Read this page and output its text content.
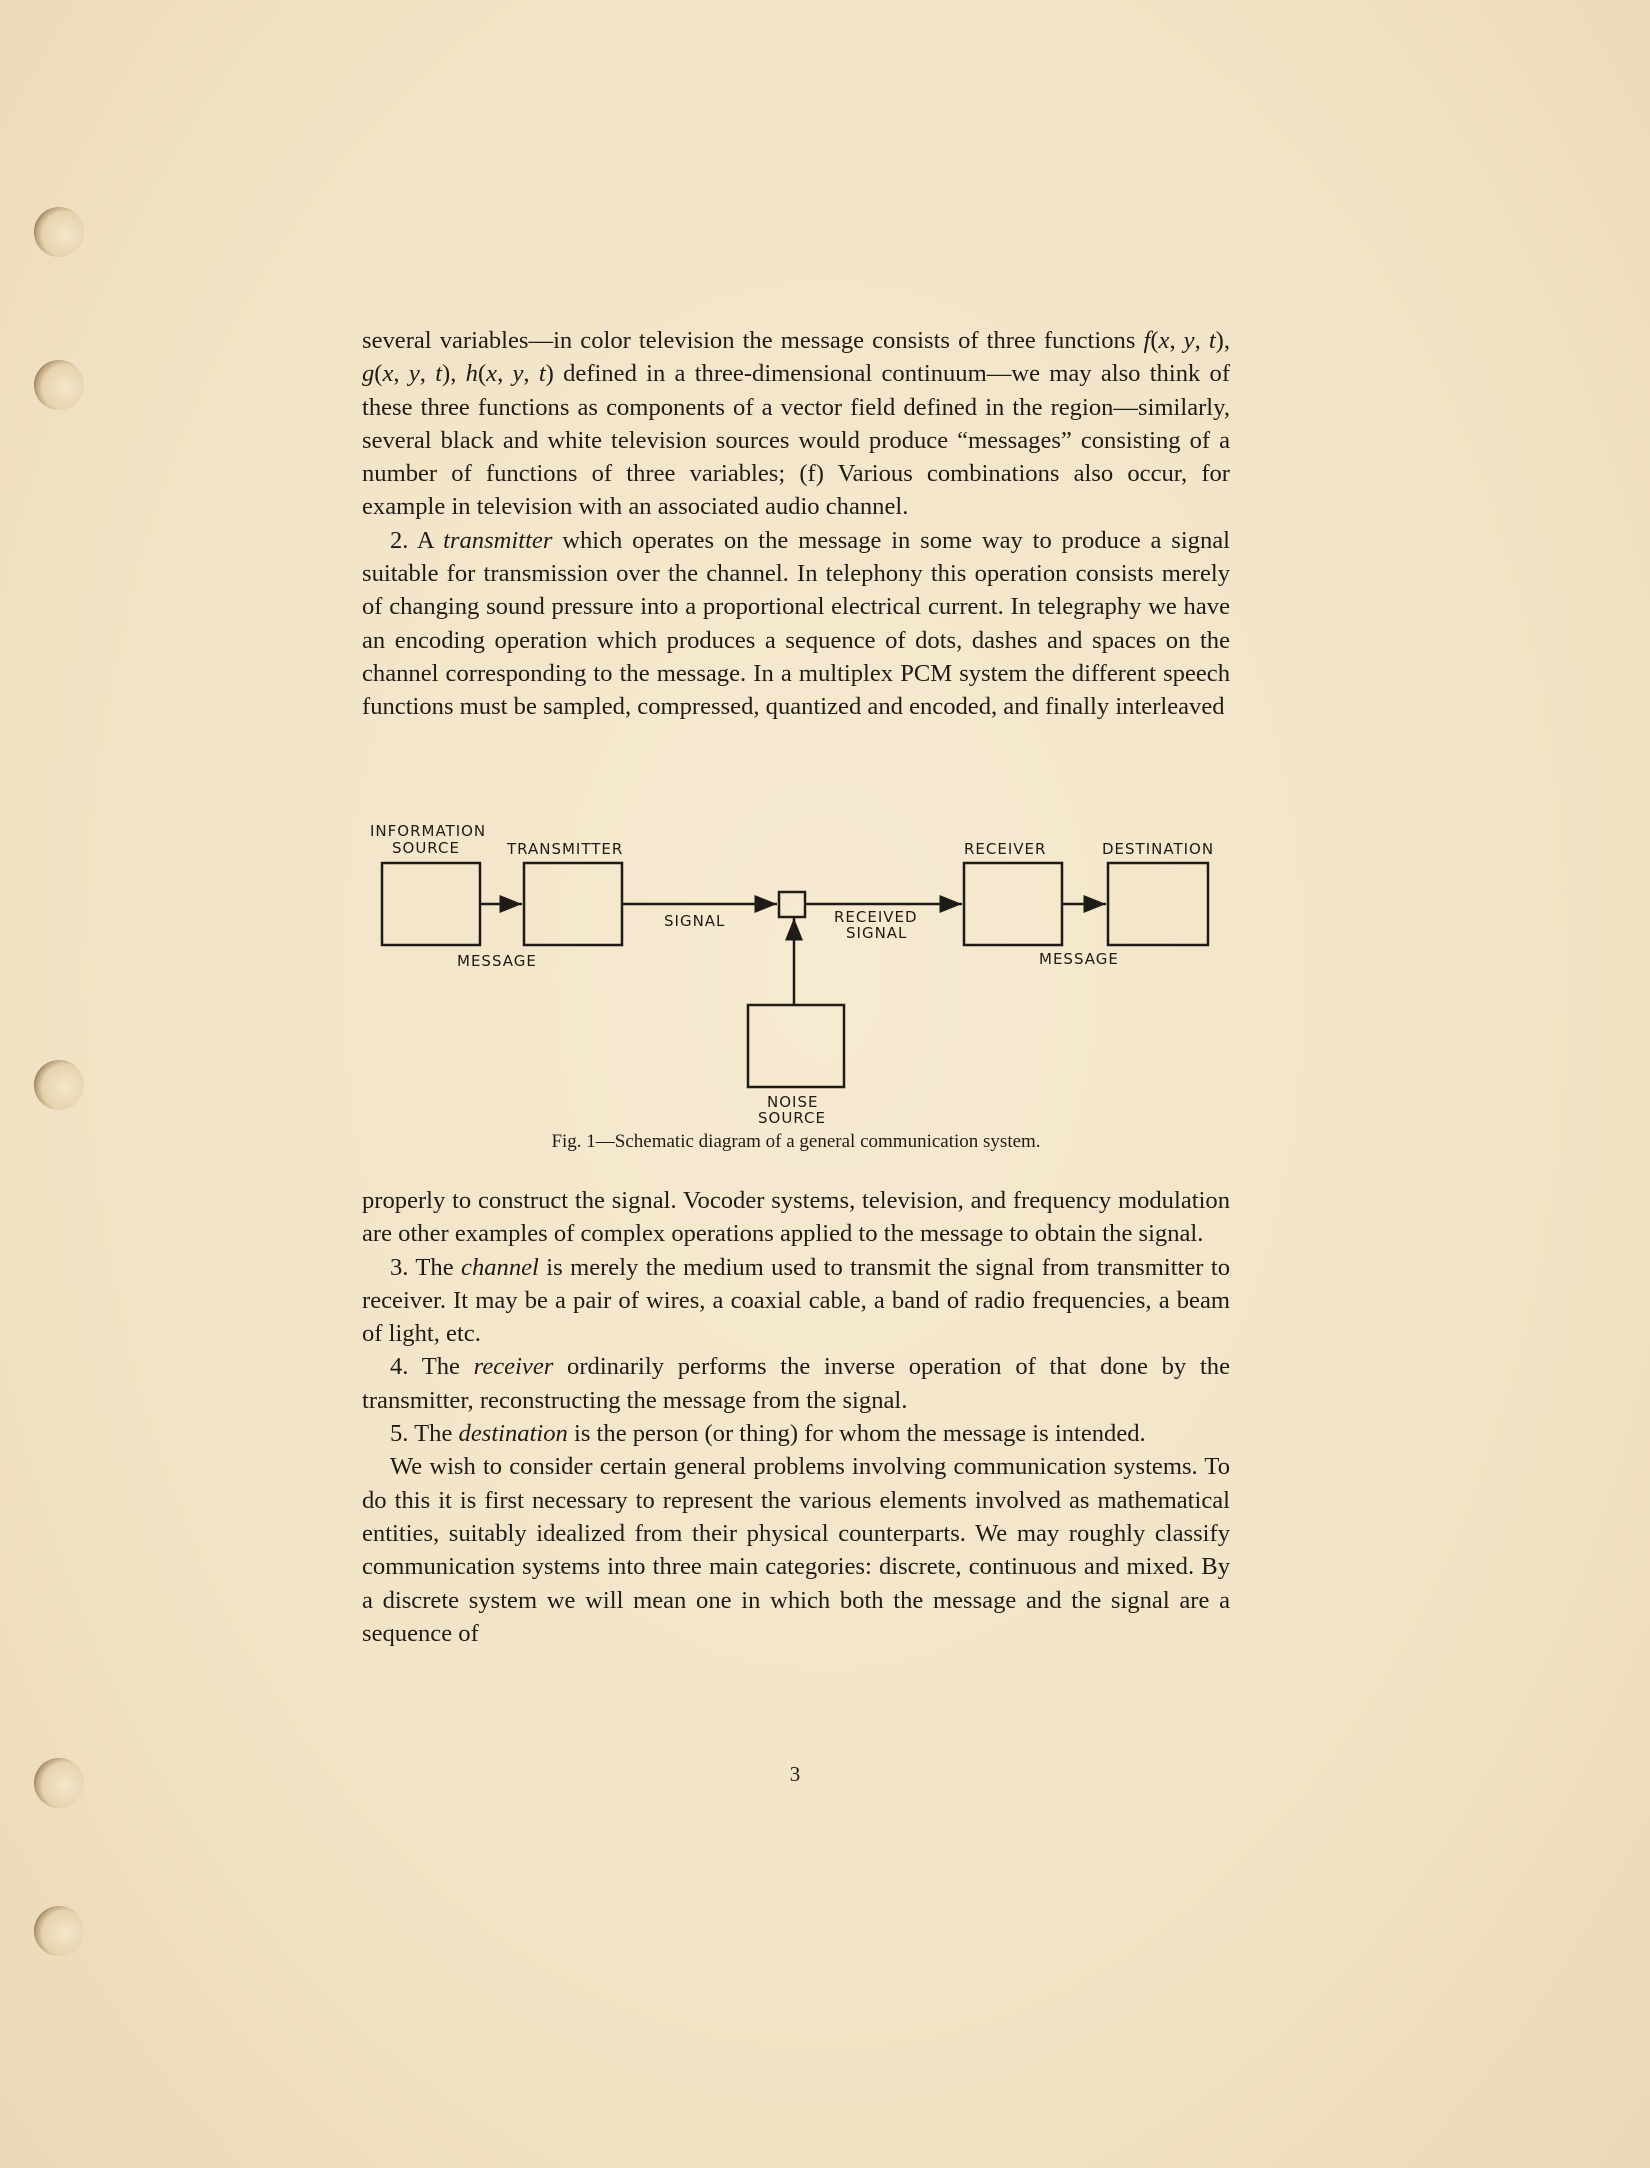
several variables—in color television the message consists of three functions f(x, y, t), g(x, y, t), h(x, y, t) defined in a three-dimensional continuum—we may also think of these three functions as components of a vector field defined in the region—similarly, several black and white television sources would produce “messages” consisting of a number of functions of three variables; (f) Various combinations also occur, for example in television with an associated audio channel.

2. A transmitter which operates on the message in some way to produce a signal suitable for transmission over the channel. In telephony this operation consists merely of changing sound pressure into a proportional electrical current. In telegraphy we have an encoding operation which produces a sequence of dots, dashes and spaces on the channel corresponding to the message. In a multiplex PCM system the different speech functions must be sampled, compressed, quantized and encoded, and finally interleaved

INFORMATION
SOURCE	TRANSMITTER
MESSAGE
SIGNAL	RECEIVED
SIGNAL
RECEIVER
MESSAGE
DESTINATION
NOISE
SOURCE

Fig. 1—Schematic diagram of a general communication system.

properly to construct the signal. Vocoder systems, television, and frequency modulation are other examples of complex operations applied to the message to obtain the signal.

3. The channel is merely the medium used to transmit the signal from transmitter to receiver. It may be a pair of wires, a coaxial cable, a band of radio frequencies, a beam of light, etc.

4. The receiver ordinarily performs the inverse operation of that done by the transmitter, reconstructing the message from the signal.

5. The destination is the person (or thing) for whom the message is intended.

We wish to consider certain general problems involving communication systems. To do this it is first necessary to represent the various elements involved as mathematical entities, suitably idealized from their physical counterparts. We may roughly classify communication systems into three main categories: discrete, continuous and mixed. By a discrete system we will mean one in which both the message and the signal are a sequence of

3
